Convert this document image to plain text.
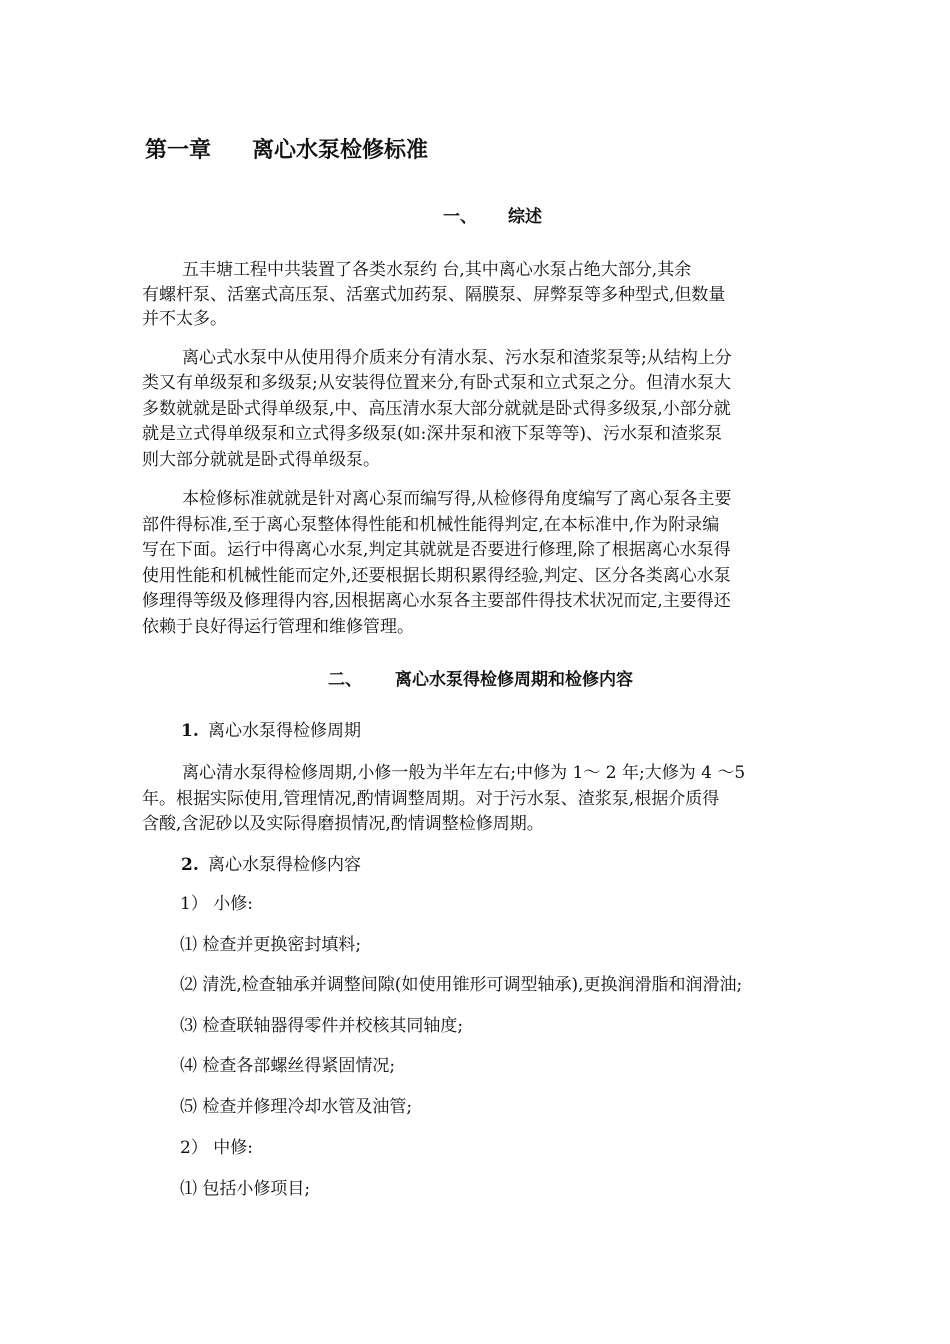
第一章 离心水泵检修标准
一、 综述
五丰塘工程中共装置了各类水泵约 台,其中离心水泵占绝大部分,其余
有螺杆泵、活塞式高压泵、活塞式加药泵、隔膜泵、屏弊泵等多种型式,但数量
并不太多。
离心式水泵中从使用得介质来分有清水泵、污水泵和渣浆泵等;从结构上分
类又有单级泵和多级泵;从安装得位置来分,有卧式泵和立式泵之分。但清水泵大
多数就就是卧式得单级泵,中、高压清水泵大部分就就是卧式得多级泵,小部分就
就是立式得单级泵和立式得多级泵(如:深井泵和液下泵等等)、污水泵和渣浆泵
则大部分就就是卧式得单级泵。
本检修标准就就是针对离心泵而编写得,从检修得角度编写了离心泵各主要
部件得标准,至于离心泵整体得性能和机械性能得判定,在本标准中,作为附录编
写在下面。运行中得离心水泵,判定其就就是否要进行修理,除了根据离心水泵得
使用性能和机械性能而定外,还要根据长期积累得经验,判定、区分各类离心水泵
修理得等级及修理得内容,因根据离心水泵各主要部件得技术状况而定,主要得还
依赖于良好得运行管理和维修管理。
二、 离心水泵得检修周期和检修内容
1. 离心水泵得检修周期
离心清水泵得检修周期,小修一般为半年左右;中修为 1～ 2 年;大修为 4 ～5
年。根据实际使用,管理情况,酌情调整周期。对于污水泵、渣浆泵,根据介质得
含酸,含泥砂以及实际得磨损情况,酌情调整检修周期。
2. 离心水泵得检修内容
1） 小修:
⑴ 检查并更换密封填料;
⑵ 清洗,检查轴承并调整间隙(如使用锥形可调型轴承),更换润滑脂和润滑油;
⑶ 检查联轴器得零件并校核其同轴度;
⑷ 检查各部螺丝得紧固情况;
⑸ 检查并修理冷却水管及油管;
2） 中修:
⑴ 包括小修项目;
